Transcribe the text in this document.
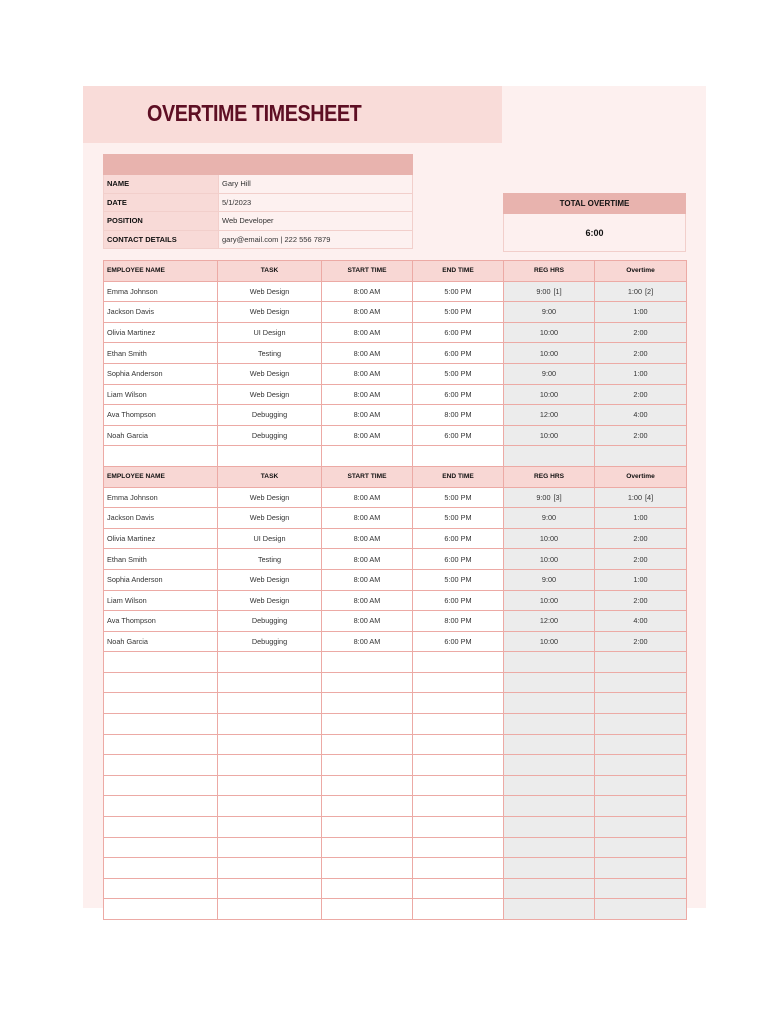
OVERTIME TIMESHEET

NAME	Gary Hill
DATE	5/1/2023
POSITION	Web Developer
CONTACT DETAILS	gary@email.com | 222 556 7879
TOTAL OVERTIME
6:00
EMPLOYEE NAME	TASK	START TIME	END TIME	REG HRS	Overtime
Emma Johnson	Web Design	8:00 AM	5:00 PM	9:00 [1]	1:00 [2]
Jackson Davis	Web Design	8:00 AM	5:00 PM	9:00	1:00
Olivia Martinez	UI Design	8:00 AM	6:00 PM	10:00	2:00
Ethan Smith	Testing	8:00 AM	6:00 PM	10:00	2:00
Sophia Anderson	Web Design	8:00 AM	5:00 PM	9:00	1:00
Liam Wilson	Web Design	8:00 AM	6:00 PM	10:00	2:00
Ava Thompson	Debugging	8:00 AM	8:00 PM	12:00	4:00
Noah Garcia	Debugging	8:00 AM	6:00 PM	10:00	2:00

EMPLOYEE NAME	TASK	START TIME	END TIME	REG HRS	Overtime
Emma Johnson	Web Design	8:00 AM	5:00 PM	9:00 [3]	1:00 [4]
Jackson Davis	Web Design	8:00 AM	5:00 PM	9:00	1:00
Olivia Martinez	UI Design	8:00 AM	6:00 PM	10:00	2:00
Ethan Smith	Testing	8:00 AM	6:00 PM	10:00	2:00
Sophia Anderson	Web Design	8:00 AM	5:00 PM	9:00	1:00
Liam Wilson	Web Design	8:00 AM	6:00 PM	10:00	2:00
Ava Thompson	Debugging	8:00 AM	8:00 PM	12:00	4:00
Noah Garcia	Debugging	8:00 AM	6:00 PM	10:00	2:00
